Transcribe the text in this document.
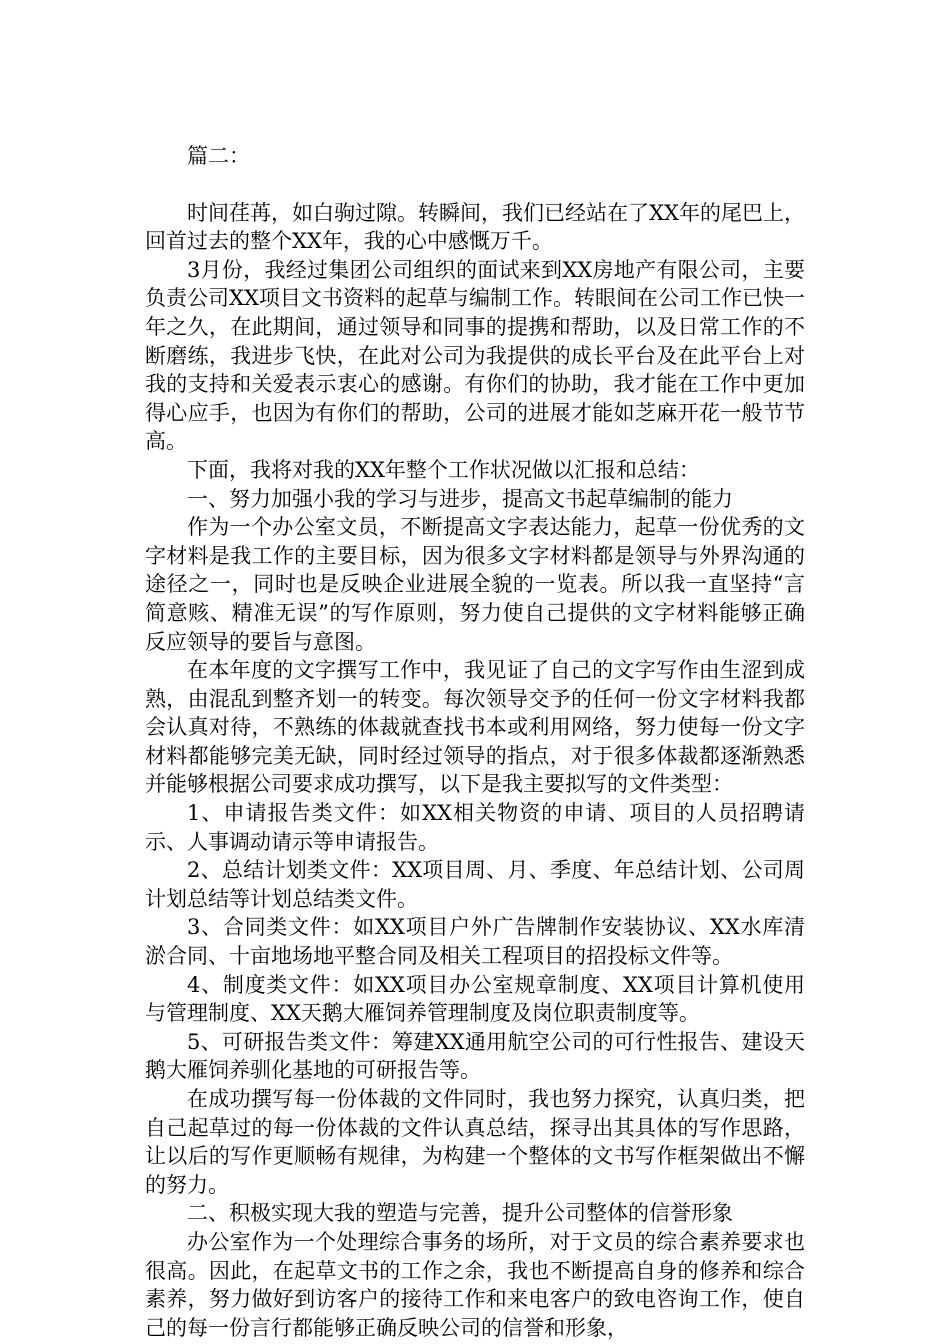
篇二：

时间荏苒，如白驹过隙。转瞬间，我们已经站在了XX年的尾巴上，回首过去的整个XX年，我的心中感慨万千。

3月份，我经过集团公司组织的面试来到XX房地产有限公司，主要负责公司XX项目文书资料的起草与编制工作。转眼间在公司工作已快一年之久，在此期间，通过领导和同事的提携和帮助，以及日常工作的不断磨练，我进步飞快，在此对公司为我提供的成长平台及在此平台上对我的支持和关爱表示衷心的感谢。有你们的协助，我才能在工作中更加得心应手，也因为有你们的帮助，公司的进展才能如芝麻开花一般节节高。

下面，我将对我的XX年整个工作状况做以汇报和总结：

一、努力加强小我的学习与进步，提高文书起草编制的能力

作为一个办公室文员，不断提高文字表达能力，起草一份优秀的文字材料是我工作的主要目标，因为很多文字材料都是领导与外界沟通的途径之一，同时也是反映企业进展全貌的一览表。所以我一直坚持“言简意赅、精准无误”的写作原则，努力使自己提供的文字材料能够正确反应领导的要旨与意图。

在本年度的文字撰写工作中，我见证了自己的文字写作由生涩到成熟，由混乱到整齐划一的转变。每次领导交予的任何一份文字材料我都会认真对待，不熟练的体裁就查找书本或利用网络，努力使每一份文字材料都能够完美无缺，同时经过领导的指点，对于很多体裁都逐渐熟悉并能够根据公司要求成功撰写，以下是我主要拟写的文件类型：

1、申请报告类文件：如XX相关物资的申请、项目的人员招聘请示、人事调动请示等申请报告。

2、总结计划类文件：XX项目周、月、季度、年总结计划、公司周计划总结等计划总结类文件。

3、合同类文件：如XX项目户外广告牌制作安装协议、XX水库清淤合同、十亩地场地平整合同及相关工程项目的招投标文件等。

4、制度类文件：如XX项目办公室规章制度、XX项目计算机使用与管理制度、XX天鹅大雁饲养管理制度及岗位职责制度等。

5、可研报告类文件：筹建XX通用航空公司的可行性报告、建设天鹅大雁饲养驯化基地的可研报告等。

在成功撰写每一份体裁的文件同时，我也努力探究，认真归类，把自己起草过的每一份体裁的文件认真总结，探寻出其具体的写作思路，让以后的写作更顺畅有规律，为构建一个整体的文书写作框架做出不懈的努力。

二、积极实现大我的塑造与完善，提升公司整体的信誉形象

办公室作为一个处理综合事务的场所，对于文员的综合素养要求也很高。因此，在起草文书的工作之余，我也不断提高自身的修养和综合素养，努力做好到访客户的接待工作和来电客户的致电咨询工作，使自己的每一份言行都能够正确反映公司的信誉和形象，
